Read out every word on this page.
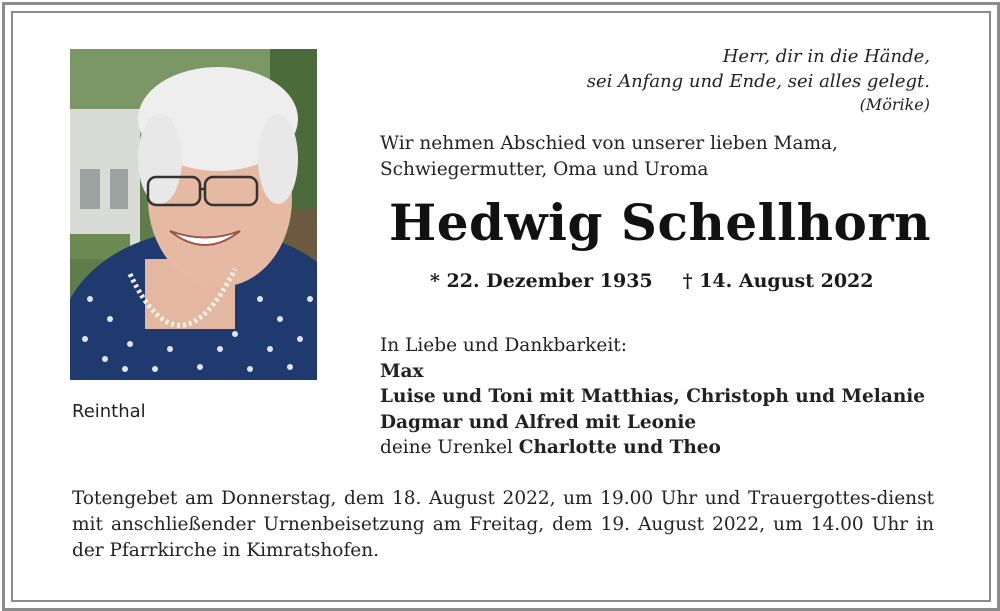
Reinthal
Herr, dir in die Hände,
sei Anfang und Ende, sei alles gelegt.
(Mörike)
Wir nehmen Abschied von unserer lieben Mama,
Schwiegermutter, Oma und Uroma
Hedwig Schellhorn
* 22. Dezember 1935 † 14. August 2022
In Liebe und Dankbarkeit:
Max
Luise und Toni mit Matthias, Christoph und Melanie
Dagmar und Alfred mit Leonie
deine Urenkel Charlotte und Theo
Totengebet am Donnerstag, dem 18. August 2022, um 19.00 Uhr und Trauergottes-dienst mit anschließender Urnenbeisetzung am Freitag, dem 19. August 2022, um 14.00 Uhr in der Pfarrkirche in Kimratshofen.
